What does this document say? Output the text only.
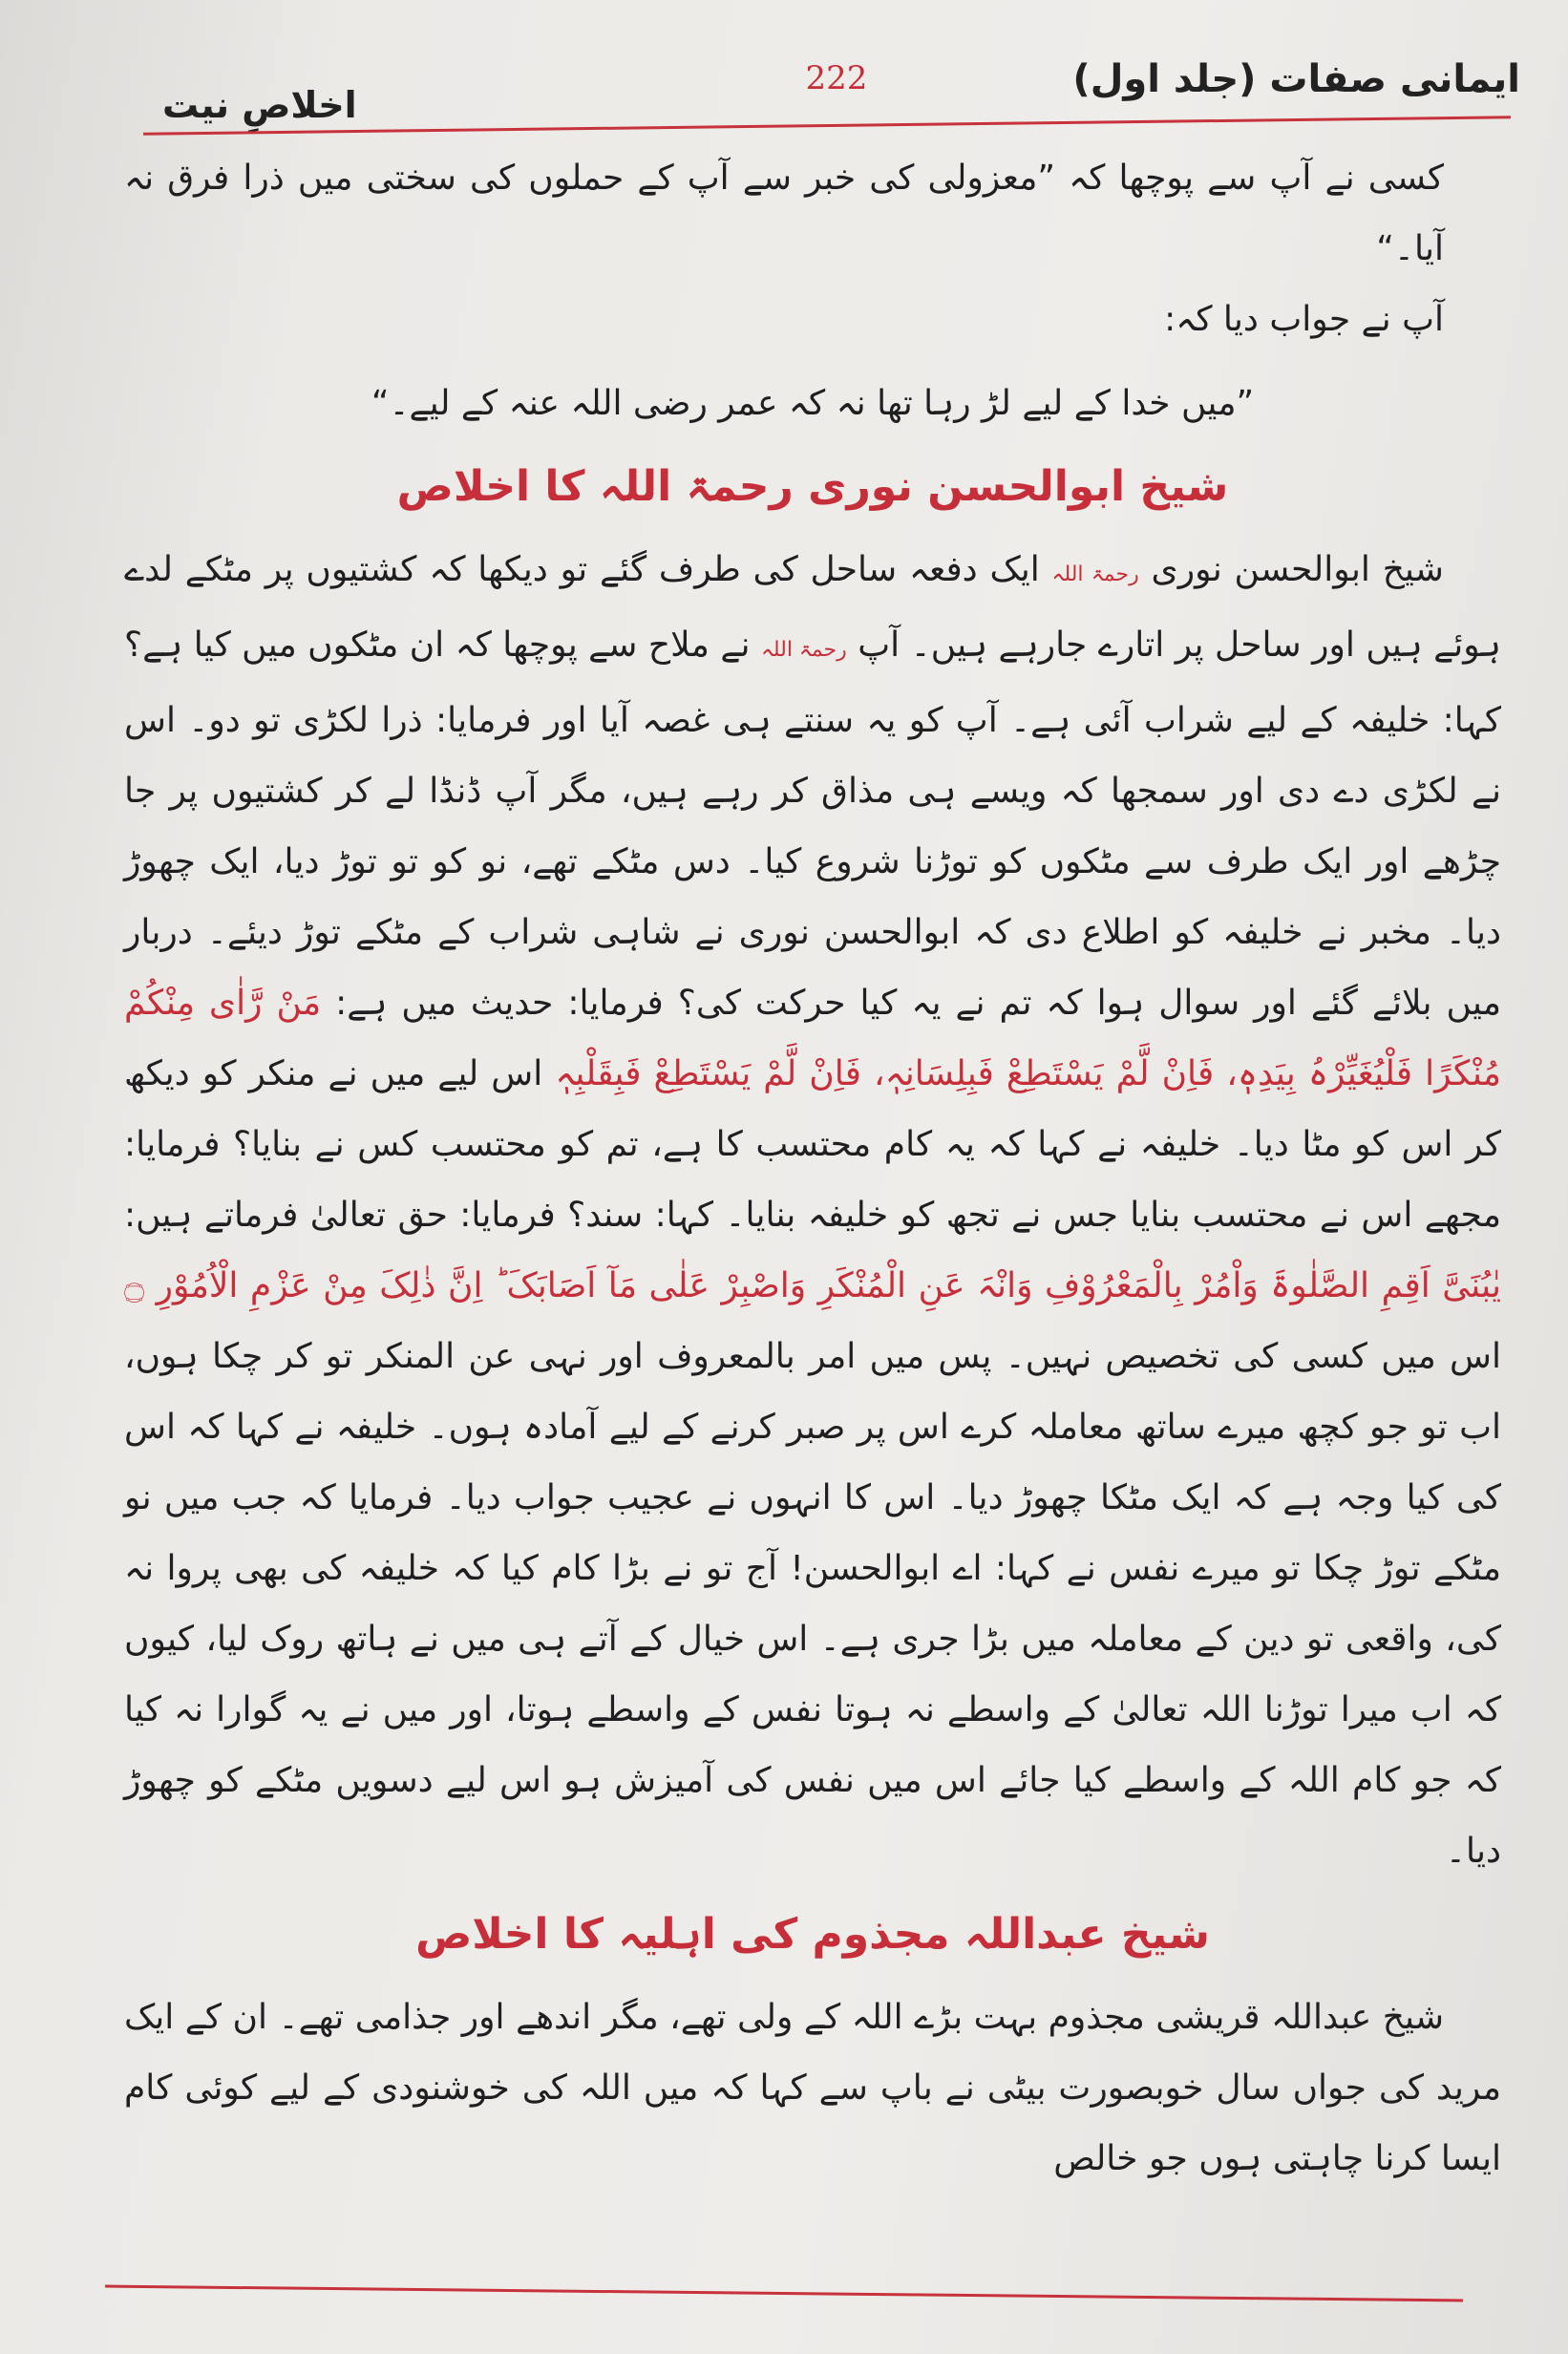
ایمانی صفات (جلد اول)
222
اخلاصِ نیت

کسی نے آپ سے پوچھا کہ ”معزولی کی خبر سے آپ کے حملوں کی سختی میں ذرا فرق نہ آیا۔“

آپ نے جواب دیا کہ:

”میں خدا کے لیے لڑ رہا تھا نہ کہ عمر رضی اللہ عنہ کے لیے۔“

شیخ ابوالحسن نوری رحمۃ اللہ کا اخلاص

شیخ ابوالحسن نوری رحمۃ اللہ ایک دفعہ ساحل کی طرف گئے تو دیکھا کہ کشتیوں پر مٹکے لدے ہوئے ہیں اور ساحل پر اتارے جارہے ہیں۔ آپ رحمۃ اللہ نے ملاح سے پوچھا کہ ان مٹکوں میں کیا ہے؟ کہا: خلیفہ کے لیے شراب آئی ہے۔ آپ کو یہ سنتے ہی غصہ آیا اور فرمایا: ذرا لکڑی تو دو۔ اس نے لکڑی دے دی اور سمجھا کہ ویسے ہی مذاق کر رہے ہیں، مگر آپ ڈنڈا لے کر کشتیوں پر جا چڑھے اور ایک طرف سے مٹکوں کو توڑنا شروع کیا۔ دس مٹکے تھے، نو کو تو توڑ دیا، ایک چھوڑ دیا۔ مخبر نے خلیفہ کو اطلاع دی کہ ابوالحسن نوری نے شاہی شراب کے مٹکے توڑ دیئے۔ دربار میں بلائے گئے اور سوال ہوا کہ تم نے یہ کیا حرکت کی؟ فرمایا: حدیث میں ہے: مَنْ رَّاٰی مِنْکُمْ مُنْکَرًا فَلْیُغَیِّرْہُ بِیَدِہٖ، فَاِنْ لَّمْ یَسْتَطِعْ فَبِلِسَانِہٖ، فَاِنْ لَّمْ یَسْتَطِعْ فَبِقَلْبِہٖ اس لیے میں نے منکر کو دیکھ کر اس کو مٹا دیا۔ خلیفہ نے کہا کہ یہ کام محتسب کا ہے، تم کو محتسب کس نے بنایا؟ فرمایا: مجھے اس نے محتسب بنایا جس نے تجھ کو خلیفہ بنایا۔ کہا: سند؟ فرمایا: حق تعالیٰ فرماتے ہیں: یٰبُنَیَّ اَقِمِ الصَّلٰوۃَ وَاْمُرْ بِالْمَعْرُوْفِ وَانْہَ عَنِ الْمُنْکَرِ وَاصْبِرْ عَلٰی مَآ اَصَابَکَ ؕ اِنَّ ذٰلِکَ مِنْ عَزْمِ الْاُمُوْرِ ۝ اس میں کسی کی تخصیص نہیں۔ پس میں امر بالمعروف اور نہی عن المنکر تو کر چکا ہوں، اب تو جو کچھ میرے ساتھ معاملہ کرے اس پر صبر کرنے کے لیے آمادہ ہوں۔ خلیفہ نے کہا کہ اس کی کیا وجہ ہے کہ ایک مٹکا چھوڑ دیا۔ اس کا انہوں نے عجیب جواب دیا۔ فرمایا کہ جب میں نو مٹکے توڑ چکا تو میرے نفس نے کہا: اے ابوالحسن! آج تو نے بڑا کام کیا کہ خلیفہ کی بھی پروا نہ کی، واقعی تو دین کے معاملہ میں بڑا جری ہے۔ اس خیال کے آتے ہی میں نے ہاتھ روک لیا، کیوں کہ اب میرا توڑنا اللہ تعالیٰ کے واسطے نہ ہوتا نفس کے واسطے ہوتا، اور میں نے یہ گوارا نہ کیا کہ جو کام اللہ کے واسطے کیا جائے اس میں نفس کی آمیزش ہو اس لیے دسویں مٹکے کو چھوڑ دیا۔

شیخ عبداللہ مجذوم کی اہلیہ کا اخلاص

شیخ عبداللہ قریشی مجذوم بہت بڑے اللہ کے ولی تھے، مگر اندھے اور جذامی تھے۔ ان کے ایک مرید کی جواں سال خوبصورت بیٹی نے باپ سے کہا کہ میں اللہ کی خوشنودی کے لیے کوئی کام ایسا کرنا چاہتی ہوں جو خالص
